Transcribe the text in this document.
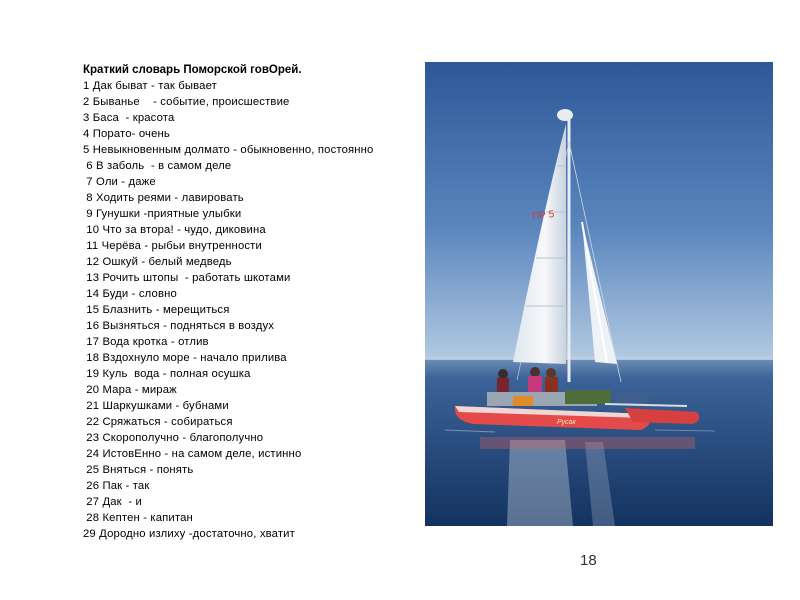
Краткий словарь Поморской говОрей.
1 Дак быват - так бывает
2 Быванье    - событие, происшествие
3 Баса  - красота
4 Порато- очень
5 Невыкновенным долмато - обыкновенно, постоянно
6 В заболь  - в самом деле
7 Оли - даже
8 Ходить реями - лавировать
9 Гунушки -приятные улыбки
10 Что за втора! - чудо, диковина
11 Черёва - рыбьи внутренности
12 Ошкуй - белый медведь
13 Рочить штопы  - работать шкотами
14 Буди - словно
15 Блазнить - мерещиться
16 Вызняться - подняться в воздух
17 Вода кротка - отлив
18 Вздохнуло море - начало прилива
19 Куль  вода - полная осушка
20 Мара - мираж
21 Шаркушками - бубнами
22 Сряжаться - собираться
23 Скорополучно - благополучно
24 ИстовЕнно - на самом деле, истинно
25 Вняться - понять
26 Пак - так
27 Дак  - и
28 Кептен - капитан
29 Дородно излиху -достаточно, хватит
ПР 5
Русак
18
